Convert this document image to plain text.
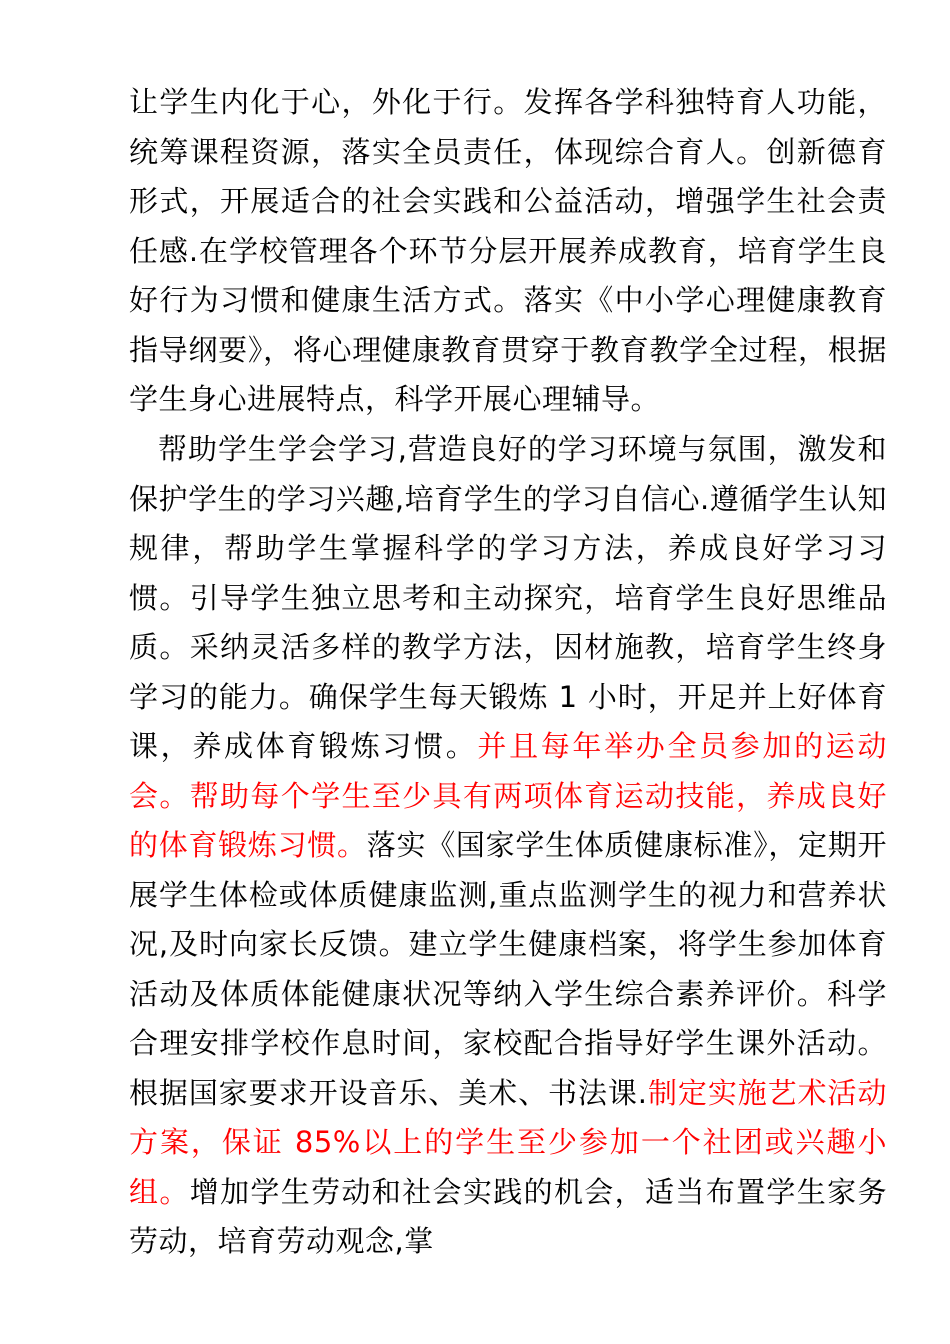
让学生内化于心，外化于行。发挥各学科独特育人功能，统筹课程资源，落实全员责任，体现综合育人。创新德育形式，开展适合的社会实践和公益活动，增强学生社会责任感.在学校管理各个环节分层开展养成教育，培育学生良好行为习惯和健康生活方式。落实《中小学心理健康教育指导纲要》，将心理健康教育贯穿于教育教学全过程，根据学生身心进展特点，科学开展心理辅导。

帮助学生学会学习,营造良好的学习环境与氛围，激发和保护学生的学习兴趣,培育学生的学习自信心.遵循学生认知规律，帮助学生掌握科学的学习方法，养成良好学习习惯。引导学生独立思考和主动探究，培育学生良好思维品质。采纳灵活多样的教学方法，因材施教，培育学生终身学习的能力。确保学生每天锻炼 1 小时，开足并上好体育课，养成体育锻炼习惯。并且每年举办全员参加的运动会。帮助每个学生至少具有两项体育运动技能，养成良好的体育锻炼习惯。落实《国家学生体质健康标准》，定期开展学生体检或体质健康监测,重点监测学生的视力和营养状况,及时向家长反馈。建立学生健康档案，将学生参加体育活动及体质体能健康状况等纳入学生综合素养评价。科学合理安排学校作息时间，家校配合指导好学生课外活动。根据国家要求开设音乐、美术、书法课.制定实施艺术活动方案，保证 85%以上的学生至少参加一个社团或兴趣小组。增加学生劳动和社会实践的机会，适当布置学生家务劳动，培育劳动观念,掌
